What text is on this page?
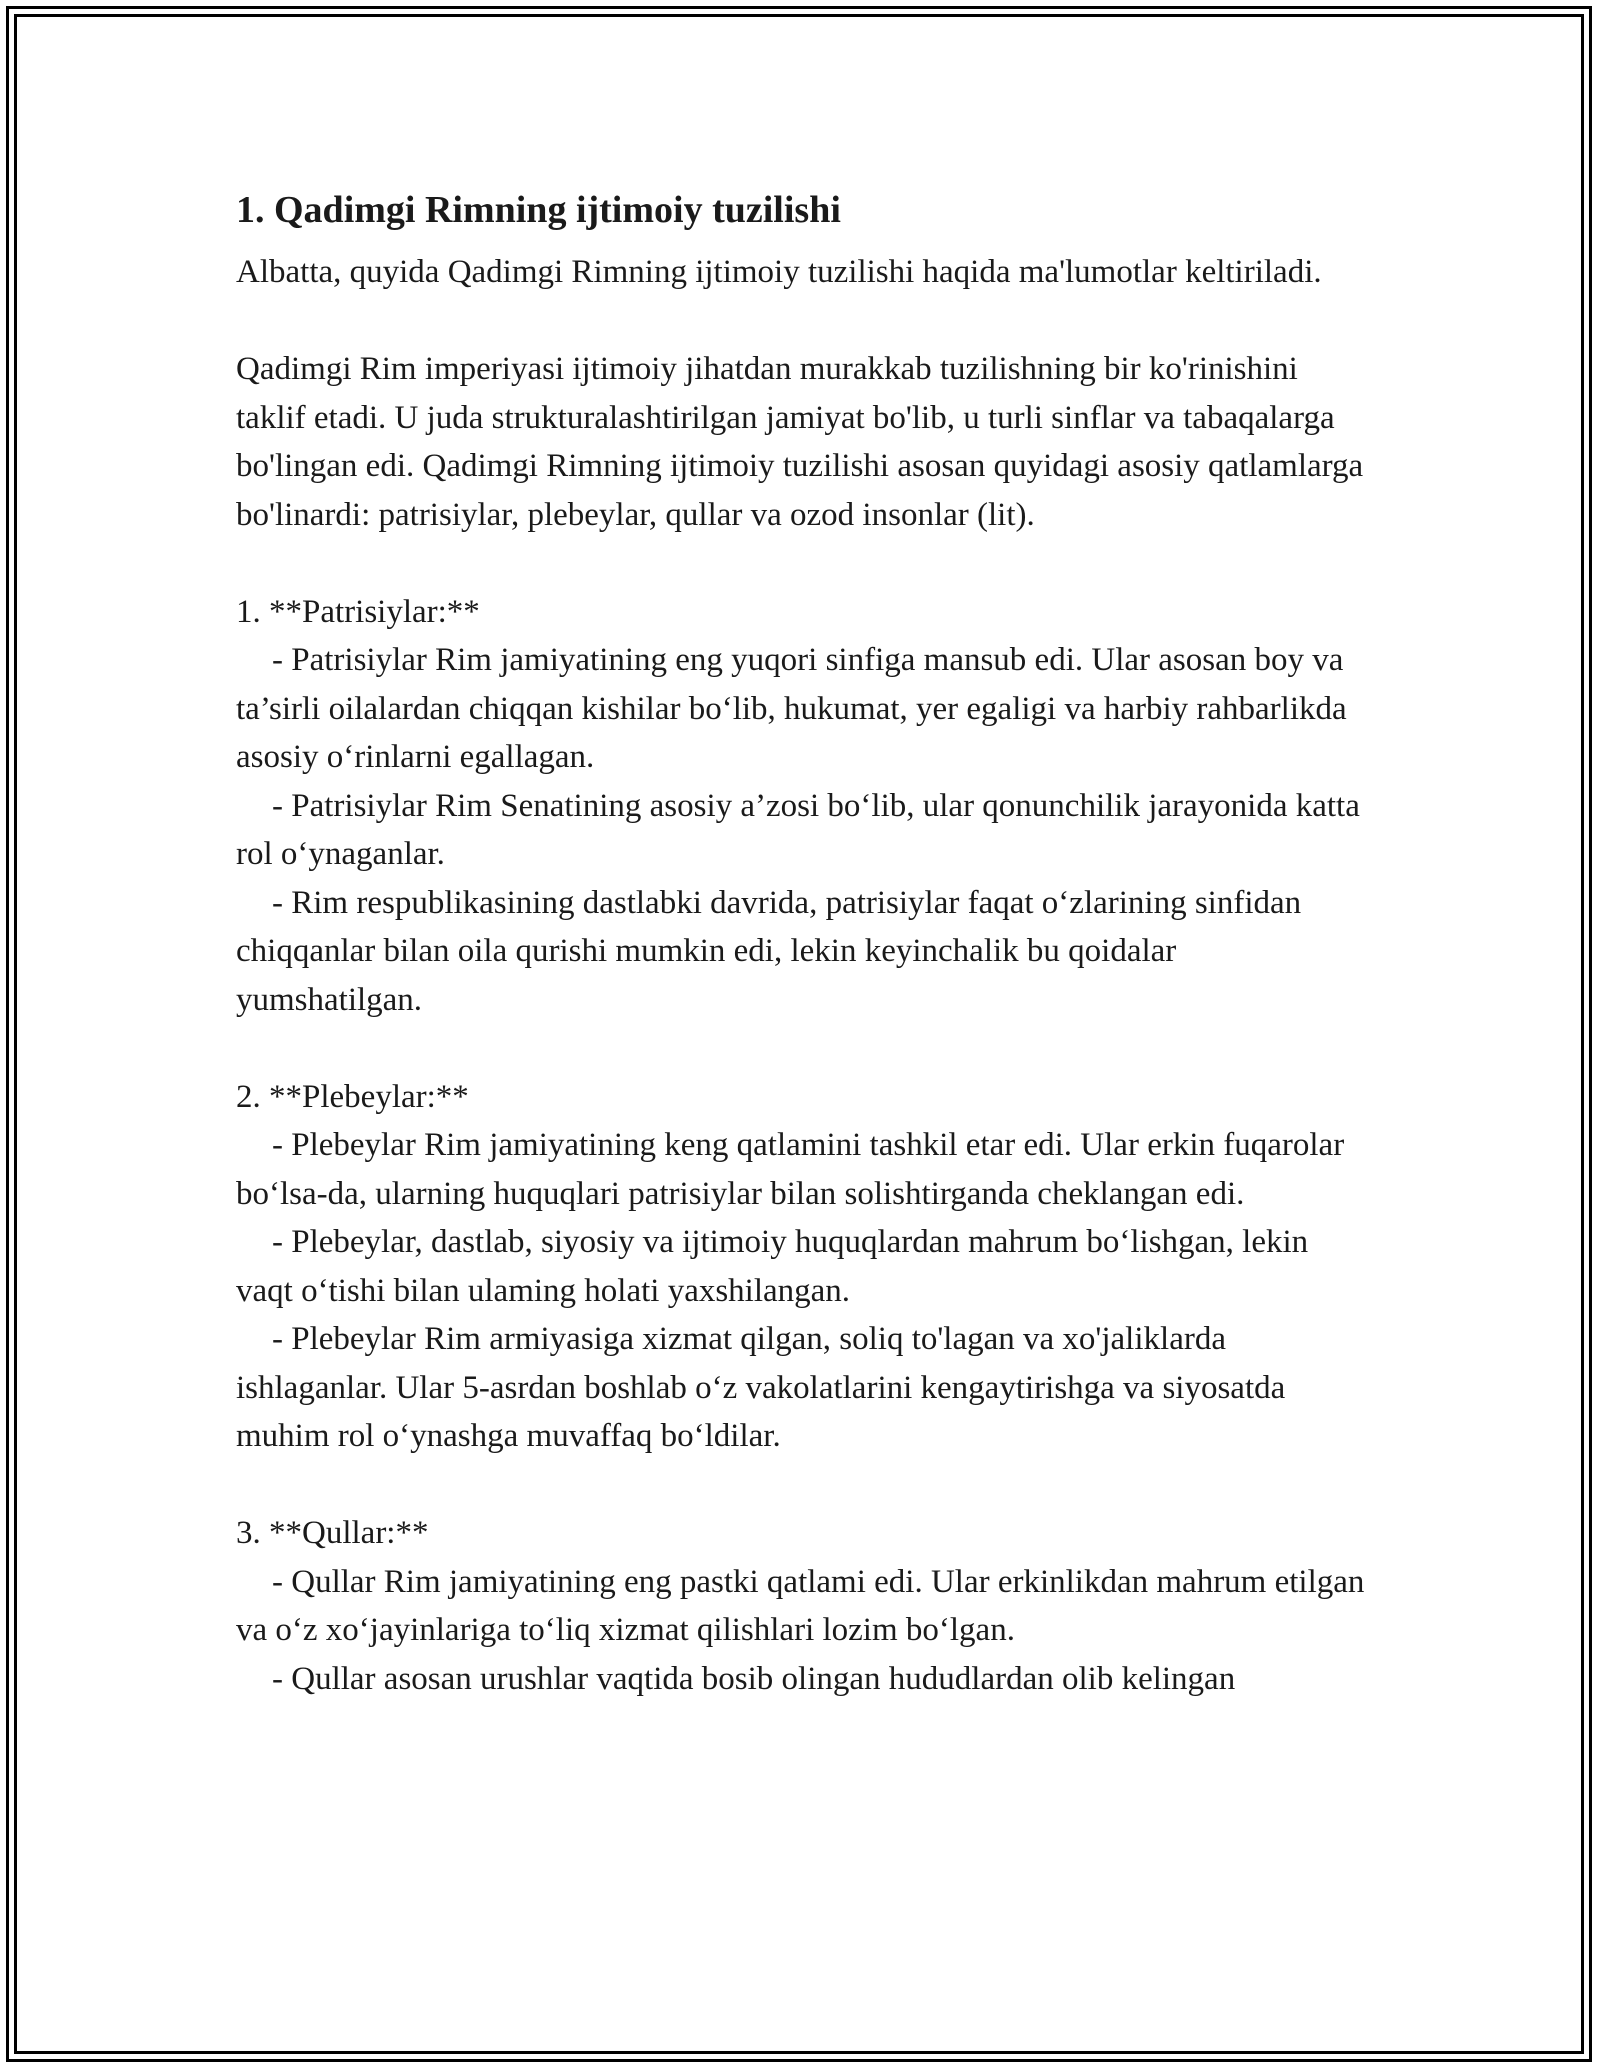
1. Qadimgi Rimning ijtimoiy tuzilishi

Albatta, quyida Qadimgi Rimning ijtimoiy tuzilishi haqida ma'lumotlar keltiriladi.

Qadimgi Rim imperiyasi ijtimoiy jihatdan murakkab tuzilishning bir ko'rinishini taklif etadi. U juda strukturalashtirilgan jamiyat bo'lib, u turli sinflar va tabaqalarga bo'lingan edi. Qadimgi Rimning ijtimoiy tuzilishi asosan quyidagi asosiy qatlamlarga bo'linardi: patrisiylar, plebeylar, qullar va ozod insonlar (lit).

1. **Patrisiylar:**

- Patrisiylar Rim jamiyatining eng yuqori sinfiga mansub edi. Ular asosan boy va ta’sirli oilalardan chiqqan kishilar bo‘lib, hukumat, yer egaligi va harbiy rahbarlikda asosiy o‘rinlarni egallagan.

- Patrisiylar Rim Senatining asosiy a’zosi bo‘lib, ular qonunchilik jarayonida katta rol o‘ynaganlar.

- Rim respublikasining dastlabki davrida, patrisiylar faqat o‘zlarining sinfidan chiqqanlar bilan oila qurishi mumkin edi, lekin keyinchalik bu qoidalar yumshatilgan.

2. **Plebeylar:**

- Plebeylar Rim jamiyatining keng qatlamini tashkil etar edi. Ular erkin fuqarolar bo‘lsa-da, ularning huquqlari patrisiylar bilan solishtirganda cheklangan edi.

- Plebeylar, dastlab, siyosiy va ijtimoiy huquqlardan mahrum bo‘lishgan, lekin vaqt o‘tishi bilan ulaming holati yaxshilangan.

- Plebeylar Rim armiyasiga xizmat qilgan, soliq to'lagan va xo'jaliklarda ishlaganlar. Ular 5-asrdan boshlab o‘z vakolatlarini kengaytirishga va siyosatda muhim rol o‘ynashga muvaffaq bo‘ldilar.

3. **Qullar:**

- Qullar Rim jamiyatining eng pastki qatlami edi. Ular erkinlikdan mahrum etilgan va o‘z xo‘jayinlariga to‘liq xizmat qilishlari lozim bo‘lgan.

- Qullar asosan urushlar vaqtida bosib olingan hududlardan olib kelingan
